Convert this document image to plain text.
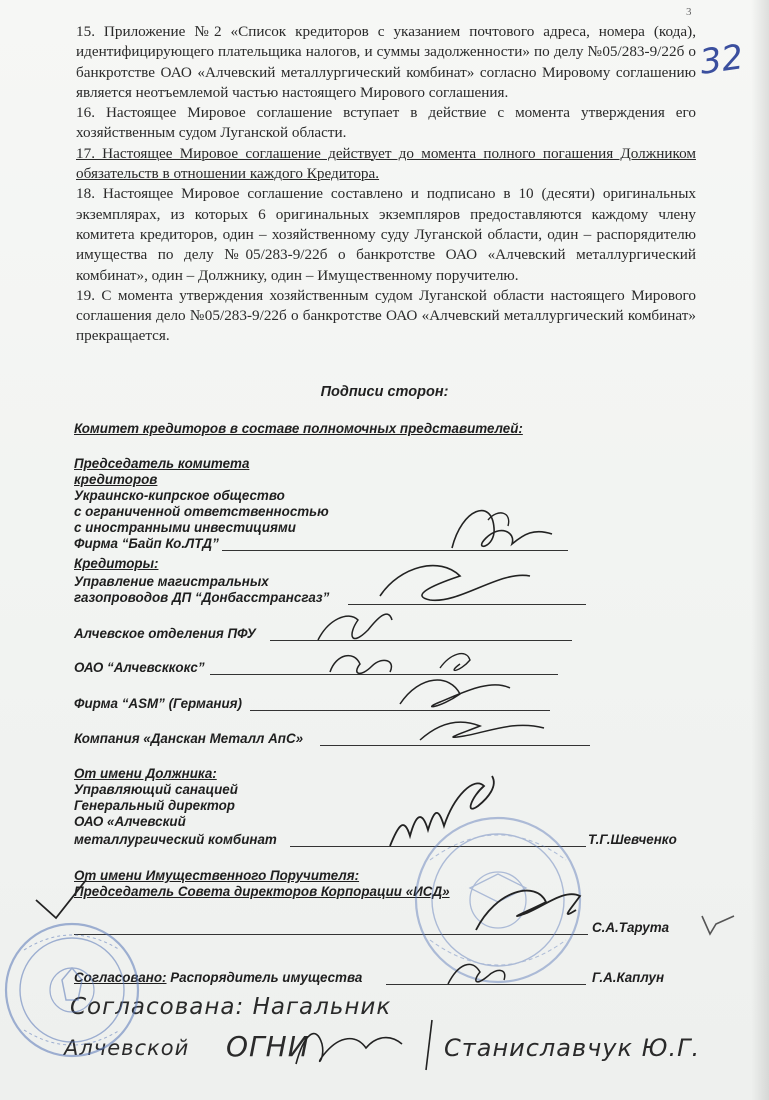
3
32

15. Приложение №2 «Список кредиторов с указанием почтового адреса, номера (кода), идентифицирующего плательщика налогов, и суммы задолженности» по делу №05/283-9/22б о банкротстве ОАО «Алчевский металлургический комбинат» согласно Мировому соглашению является неотъемлемой частью настоящего Мирового соглашения.

16. Настоящее Мировое соглашение вступает в действие с момента утверждения его хозяйственным судом Луганской области.

17. Настоящее Мировое соглашение действует до момента полного погашения Должником обязательств в отношении каждого Кредитора.

18. Настоящее Мировое соглашение составлено и подписано в 10 (десяти) оригинальных экземплярах, из которых 6 оригинальных экземпляров предоставляются каждому члену комитета кредиторов, один – хозяйственному суду Луганской области, один – распорядителю имущества по делу №05/283-9/22б о банкротстве ОАО «Алчевский металлургический комбинат», один – Должнику, один – Имущественному поручителю.

19. С момента утверждения хозяйственным судом Луганской области настоящего Мирового соглашения дело №05/283-9/22б о банкротстве ОАО «Алчевский металлургический комбинат» прекращается.

Подписи сторон:
Комитет кредиторов в составе полномочных представителей:
Председатель комитета
кредиторов
Украинско-кипрское общество
с ограниченной ответственностью
с иностранными инвестициями
Фирма “Байп Ко.ЛТД”
Кредиторы:
Управление магистральных
газопроводов ДП “Донбасстрансгаз”
Алчевское отделения ПФУ
ОАО “Алчевсккокс”
Фирма “ASM” (Германия)
Компания «Данскан Металл АпС»
От имени Должника:
Управляющий санацией
Генеральный директор
ОАО «Алчевский
металлургический комбинат	Т.Г.Шевченко
От имени Имущественного Поручителя:
Председатель Совета директоров Корпорации «ИСД»
С.А.Тарута
Согласовано: Распорядитель имущества	Г.А.Каплун
Согласована: Нагальник
Алчевской ОГНИ	Станиславчук Ю.Г.
